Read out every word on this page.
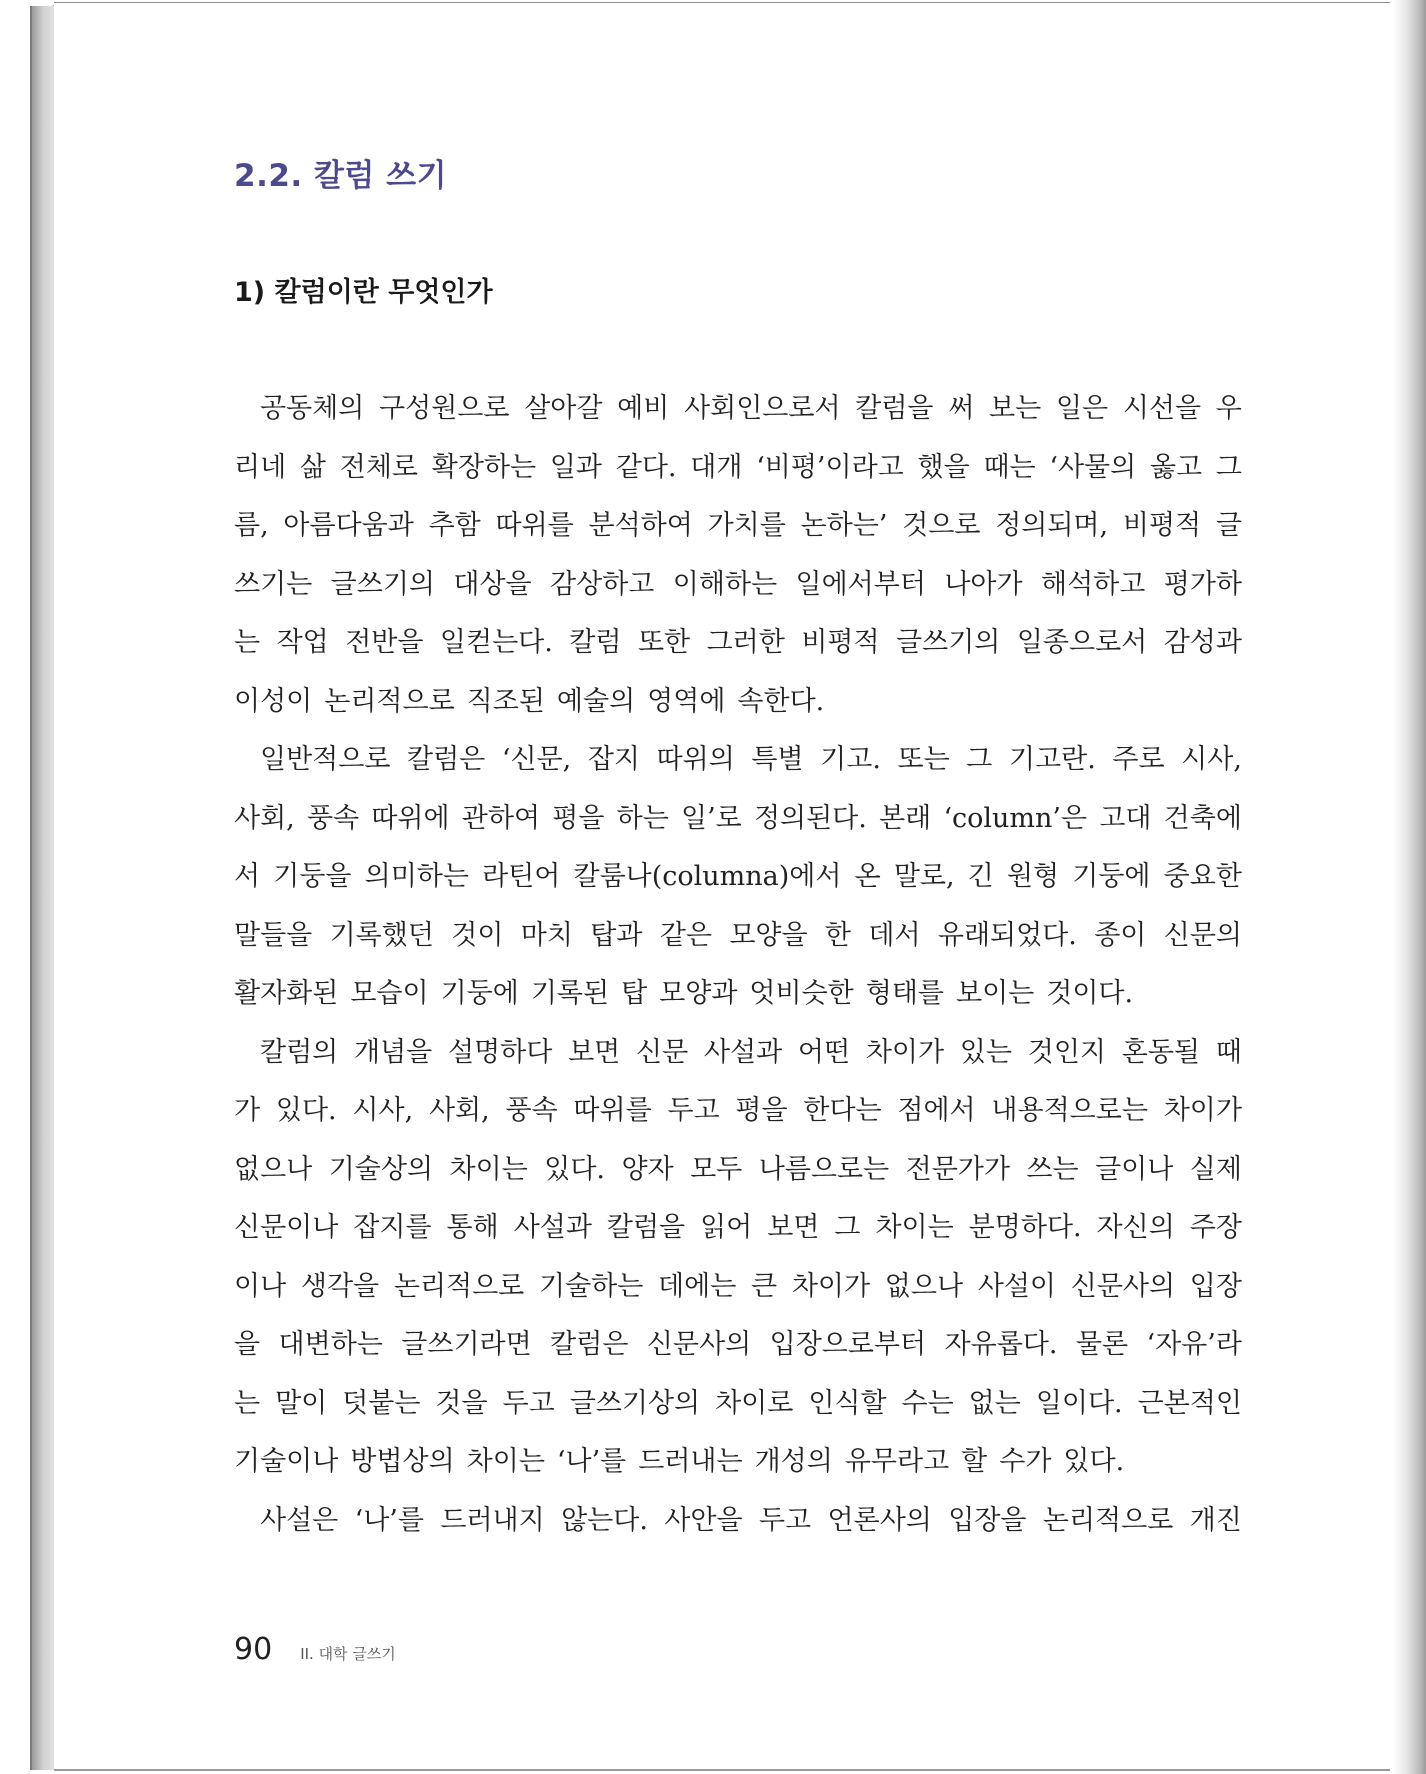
2.2. 칼럼 쓰기
1) 칼럼이란 무엇인가
공동체의 구성원으로 살아갈 예비 사회인으로서 칼럼을 써 보는 일은 시선을 우
리네 삶 전체로 확장하는 일과 같다. 대개 ‘비평’이라고 했을 때는 ‘사물의 옳고 그
름, 아름다움과 추함 따위를 분석하여 가치를 논하는’ 것으로 정의되며, 비평적 글
쓰기는 글쓰기의 대상을 감상하고 이해하는 일에서부터 나아가 해석하고 평가하
는 작업 전반을 일컫는다. 칼럼 또한 그러한 비평적 글쓰기의 일종으로서 감성과
이성이 논리적으로 직조된 예술의 영역에 속한다.
일반적으로 칼럼은 ‘신문, 잡지 따위의 특별 기고. 또는 그 기고란. 주로 시사,
사회, 풍속 따위에 관하여 평을 하는 일’로 정의된다. 본래 ‘column’은 고대 건축에
서 기둥을 의미하는 라틴어 칼룸나(columna)에서 온 말로, 긴 원형 기둥에 중요한
말들을 기록했던 것이 마치 탑과 같은 모양을 한 데서 유래되었다. 종이 신문의
활자화된 모습이 기둥에 기록된 탑 모양과 엇비슷한 형태를 보이는 것이다.
칼럼의 개념을 설명하다 보면 신문 사설과 어떤 차이가 있는 것인지 혼동될 때
가 있다. 시사, 사회, 풍속 따위를 두고 평을 한다는 점에서 내용적으로는 차이가
없으나 기술상의 차이는 있다. 양자 모두 나름으로는 전문가가 쓰는 글이나 실제
신문이나 잡지를 통해 사설과 칼럼을 읽어 보면 그 차이는 분명하다. 자신의 주장
이나 생각을 논리적으로 기술하는 데에는 큰 차이가 없으나 사설이 신문사의 입장
을 대변하는 글쓰기라면 칼럼은 신문사의 입장으로부터 자유롭다. 물론 ‘자유’라
는 말이 덧붙는 것을 두고 글쓰기상의 차이로 인식할 수는 없는 일이다. 근본적인
기술이나 방법상의 차이는 ‘나’를 드러내는 개성의 유무라고 할 수가 있다.
사설은 ‘나’를 드러내지 않는다. 사안을 두고 언론사의 입장을 논리적으로 개진
90 II. 대학 글쓰기
